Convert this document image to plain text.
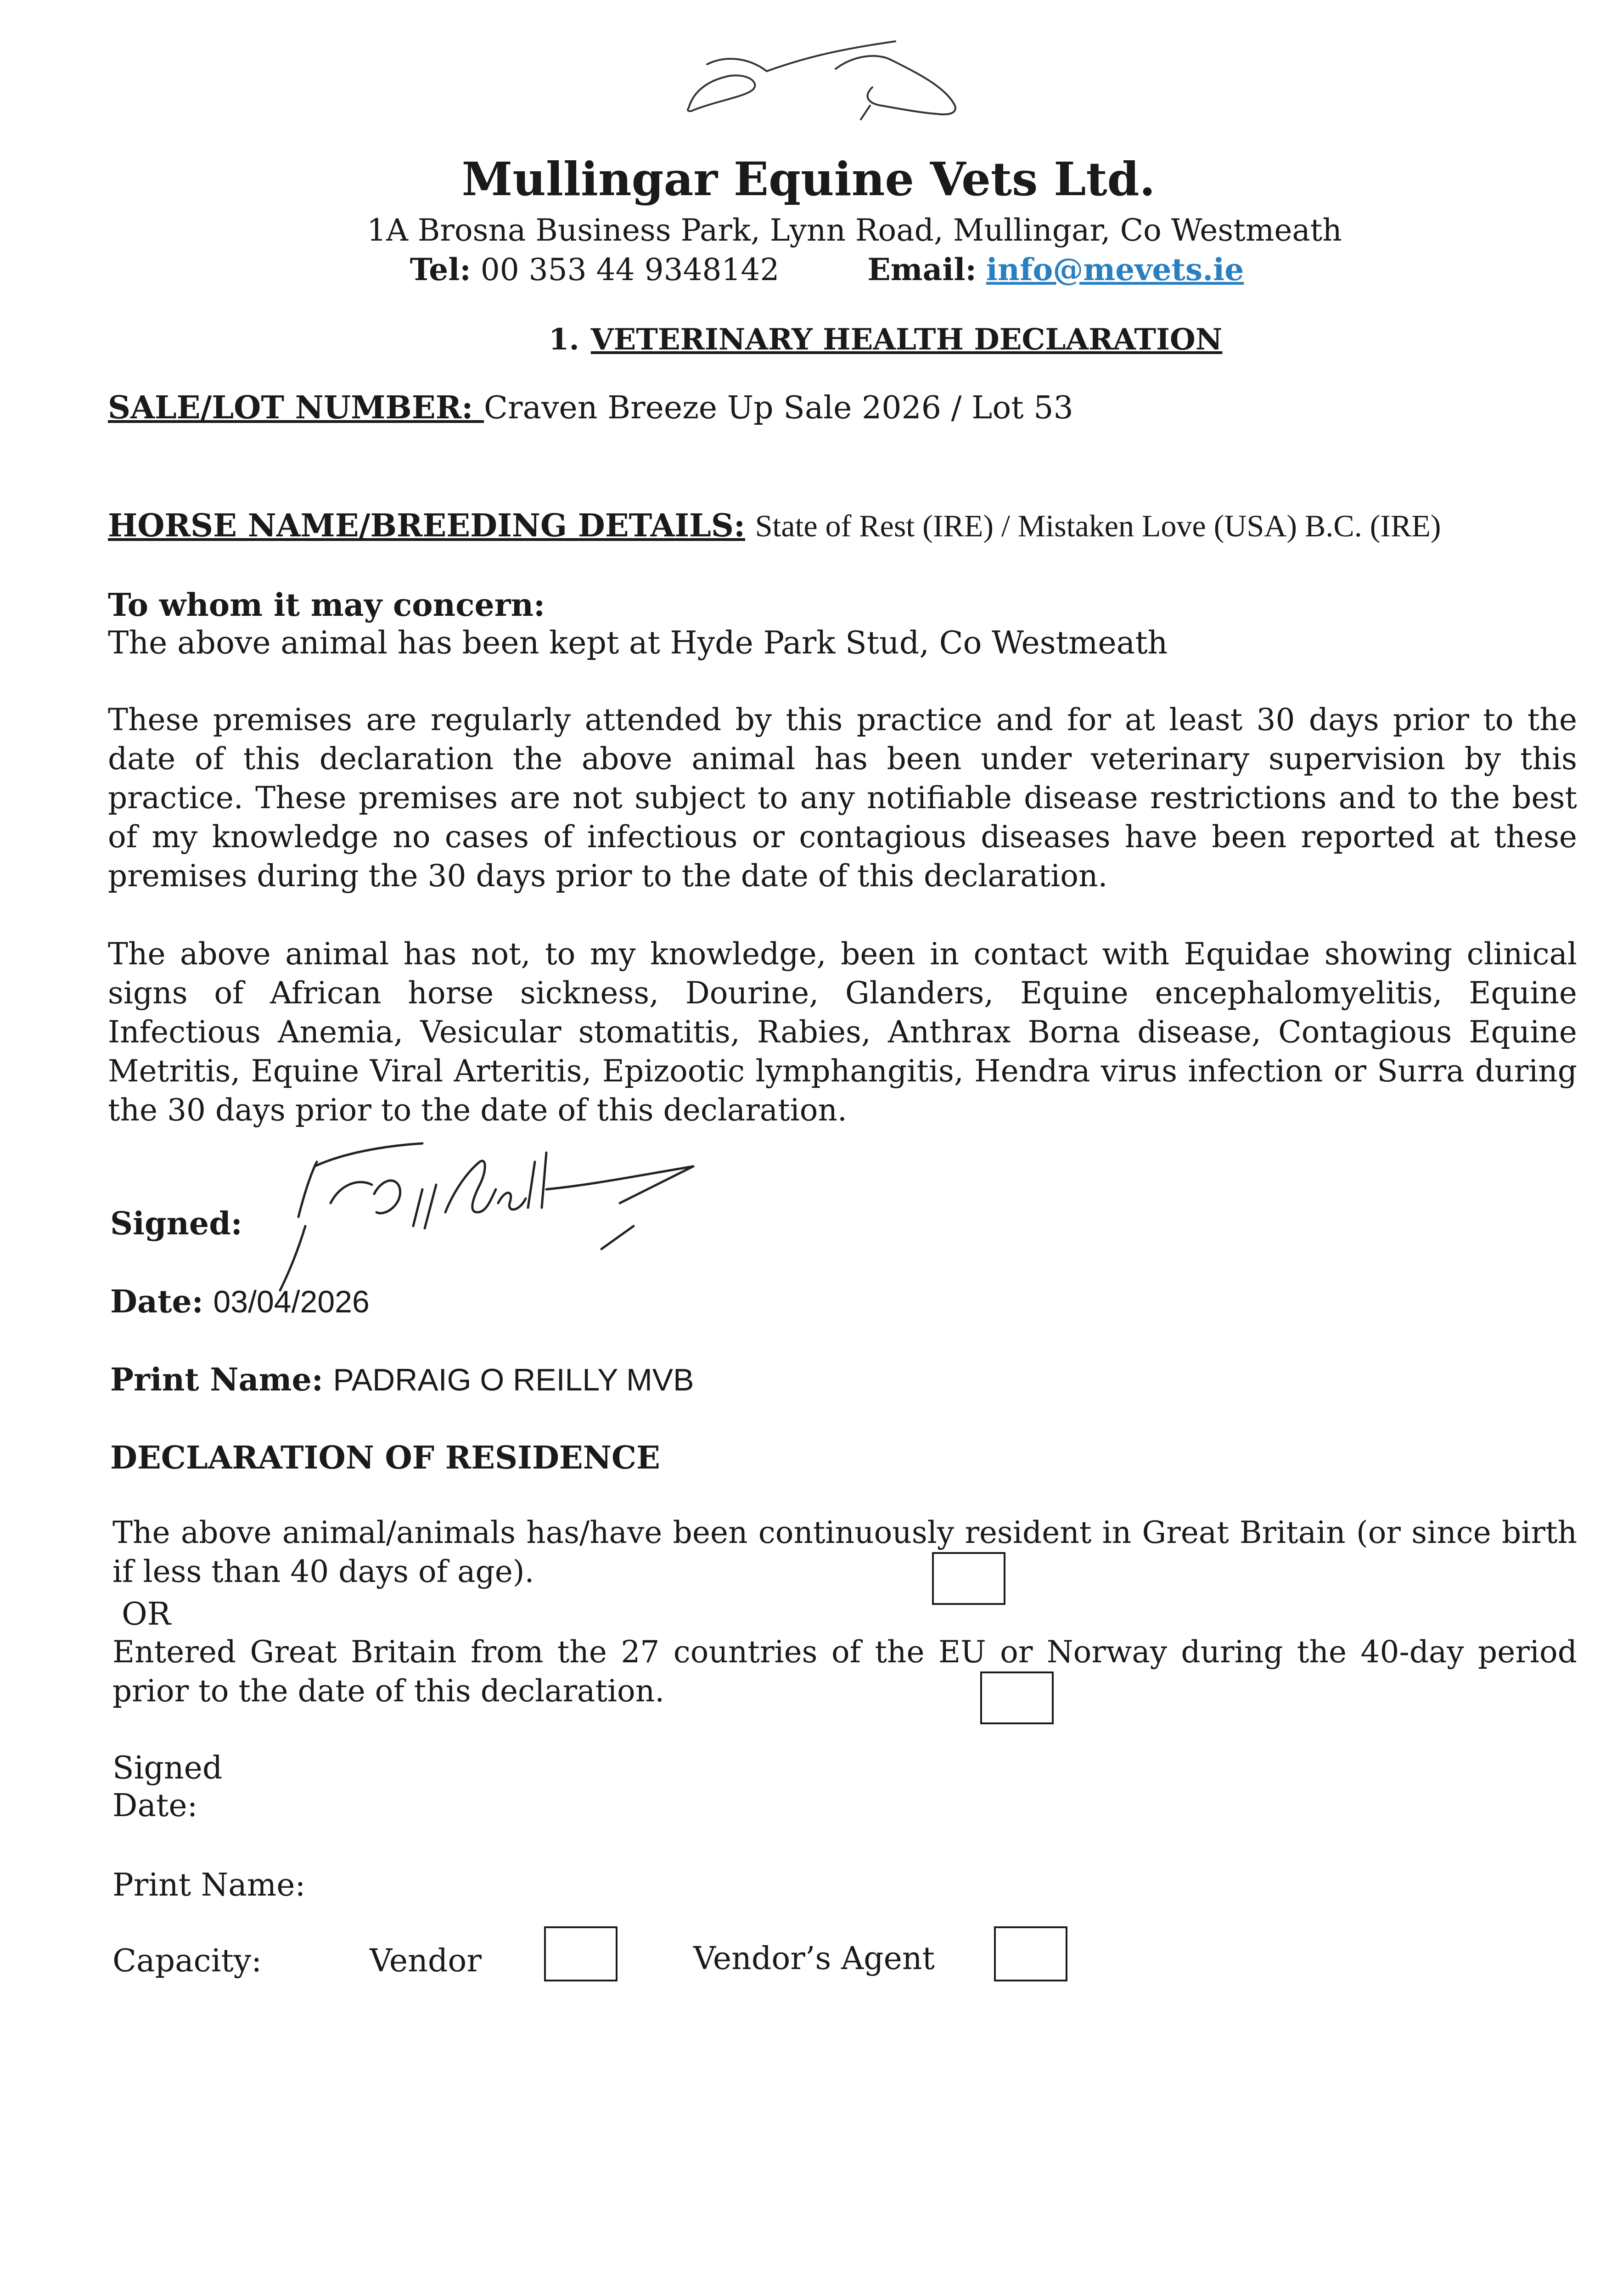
Mullingar Equine Vets Ltd.
1A Brosna Business Park, Lynn Road, Mullingar, Co Westmeath
Tel: 00 353 44 9348142	Email: info@mevets.ie
1. VETERINARY HEALTH DECLARATION
SALE/LOT NUMBER: Craven Breeze Up Sale 2026 / Lot 53
HORSE NAME/BREEDING DETAILS: State of Rest (IRE) / Mistaken Love (USA) B.C. (IRE)
To whom it may concern:
The above animal has been kept at Hyde Park Stud, Co Westmeath

These premises are regularly attended by this practice and for at least 30 days prior to the date of this declaration the above animal has been under veterinary supervision by this practice. These premises are not subject to any notifiable disease restrictions and to the best of my knowledge no cases of infectious or contagious diseases have been reported at these premises during the 30 days prior to the date of this declaration.

The above animal has not, to my knowledge, been in contact with Equidae showing clinical signs of African horse sickness, Dourine, Glanders, Equine encephalomyelitis, Equine Infectious Anemia, Vesicular stomatitis, Rabies, Anthrax Borna disease, Contagious Equine Metritis, Equine Viral Arteritis, Epizootic lymphangitis, Hendra virus infection or Surra during the 30 days prior to the date of this declaration.

Signed:
Date: 03/04/2026
Print Name: PADRAIG O REILLY MVB
DECLARATION OF RESIDENCE

The above animal/animals has/have been continuously resident in Great Britain (or since birth if less than 40 days of age).

OR

Entered Great Britain from the 27 countries of the EU or Norway during the 40-day period prior to the date of this declaration.

Signed
Date:
Print Name:
Capacity:	Vendor	Vendor’s Agent
